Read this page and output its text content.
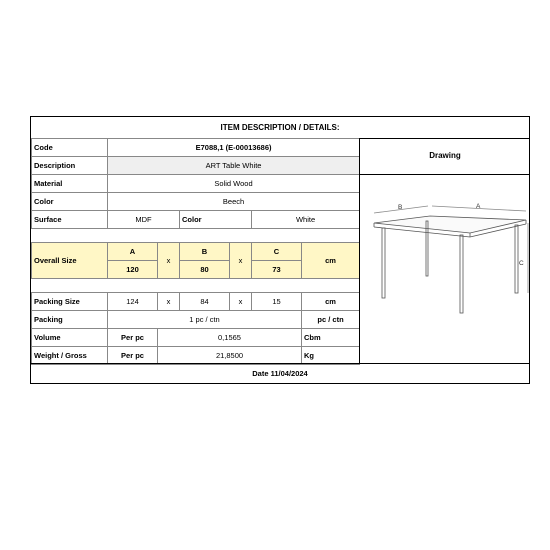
ITEM DESCRIPTION / DETAILS:
Code	E7088,1 (E-00013686)					
Description	ART Table White					
Material	Solid Wood					
Color	Beech					
Surface	MDF		Color		White	

Overall Size	A	x	B	x	C	cm
	120		80		73	

Packing Size	124	x	84	x	15	cm
Packing	1 pc / ctn					pc / ctn
Volume	Per pc	0,1565				Cbm
Weight / Gross	Per pc	21,8500				Kg
Drawing
B	A
C
Date 11/04/2024
